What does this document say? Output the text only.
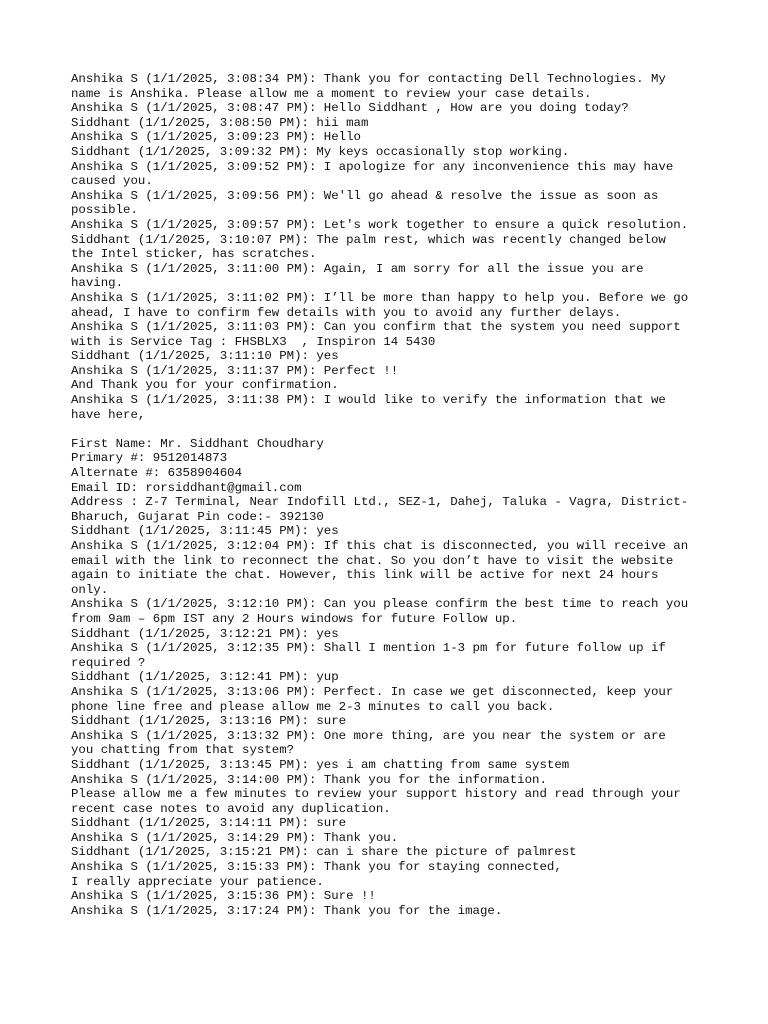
Anshika S (1/1/2025, 3:08:34 PM): Thank you for contacting Dell Technologies. My
name is Anshika. Please allow me a moment to review your case details.
Anshika S (1/1/2025, 3:08:47 PM): Hello Siddhant , How are you doing today?
Siddhant (1/1/2025, 3:08:50 PM): hii mam
Anshika S (1/1/2025, 3:09:23 PM): Hello
Siddhant (1/1/2025, 3:09:32 PM): My keys occasionally stop working.
Anshika S (1/1/2025, 3:09:52 PM): I apologize for any inconvenience this may have
caused you.
Anshika S (1/1/2025, 3:09:56 PM): We'll go ahead & resolve the issue as soon as
possible.
Anshika S (1/1/2025, 3:09:57 PM): Let's work together to ensure a quick resolution.
Siddhant (1/1/2025, 3:10:07 PM): The palm rest, which was recently changed below
the Intel sticker, has scratches.
Anshika S (1/1/2025, 3:11:00 PM): Again, I am sorry for all the issue you are
having.
Anshika S (1/1/2025, 3:11:02 PM): I’ll be more than happy to help you. Before we go
ahead, I have to confirm few details with you to avoid any further delays.
Anshika S (1/1/2025, 3:11:03 PM): Can you confirm that the system you need support
with is Service Tag : FHSBLX3  , Inspiron 14 5430
Siddhant (1/1/2025, 3:11:10 PM): yes
Anshika S (1/1/2025, 3:11:37 PM): Perfect !!
And Thank you for your confirmation.
Anshika S (1/1/2025, 3:11:38 PM): I would like to verify the information that we
have here,
First Name: Mr. Siddhant Choudhary
Primary #: 9512014873
Alternate #: 6358904604
Email ID: rorsiddhant@gmail.com
Address : Z-7 Terminal, Near Indofill Ltd., SEZ-1, Dahej, Taluka - Vagra, District-
Bharuch, Gujarat Pin code:- 392130
Siddhant (1/1/2025, 3:11:45 PM): yes
Anshika S (1/1/2025, 3:12:04 PM): If this chat is disconnected, you will receive an
email with the link to reconnect the chat. So you don’t have to visit the website
again to initiate the chat. However, this link will be active for next 24 hours
only.
Anshika S (1/1/2025, 3:12:10 PM): Can you please confirm the best time to reach you
from 9am – 6pm IST any 2 Hours windows for future Follow up.
Siddhant (1/1/2025, 3:12:21 PM): yes
Anshika S (1/1/2025, 3:12:35 PM): Shall I mention 1-3 pm for future follow up if
required ?
Siddhant (1/1/2025, 3:12:41 PM): yup
Anshika S (1/1/2025, 3:13:06 PM): Perfect. In case we get disconnected, keep your
phone line free and please allow me 2-3 minutes to call you back.
Siddhant (1/1/2025, 3:13:16 PM): sure
Anshika S (1/1/2025, 3:13:32 PM): One more thing, are you near the system or are
you chatting from that system?
Siddhant (1/1/2025, 3:13:45 PM): yes i am chatting from same system
Anshika S (1/1/2025, 3:14:00 PM): Thank you for the information.
Please allow me a few minutes to review your support history and read through your
recent case notes to avoid any duplication.
Siddhant (1/1/2025, 3:14:11 PM): sure
Anshika S (1/1/2025, 3:14:29 PM): Thank you.
Siddhant (1/1/2025, 3:15:21 PM): can i share the picture of palmrest
Anshika S (1/1/2025, 3:15:33 PM): Thank you for staying connected,
I really appreciate your patience.
Anshika S (1/1/2025, 3:15:36 PM): Sure !!
Anshika S (1/1/2025, 3:17:24 PM): Thank you for the image.
